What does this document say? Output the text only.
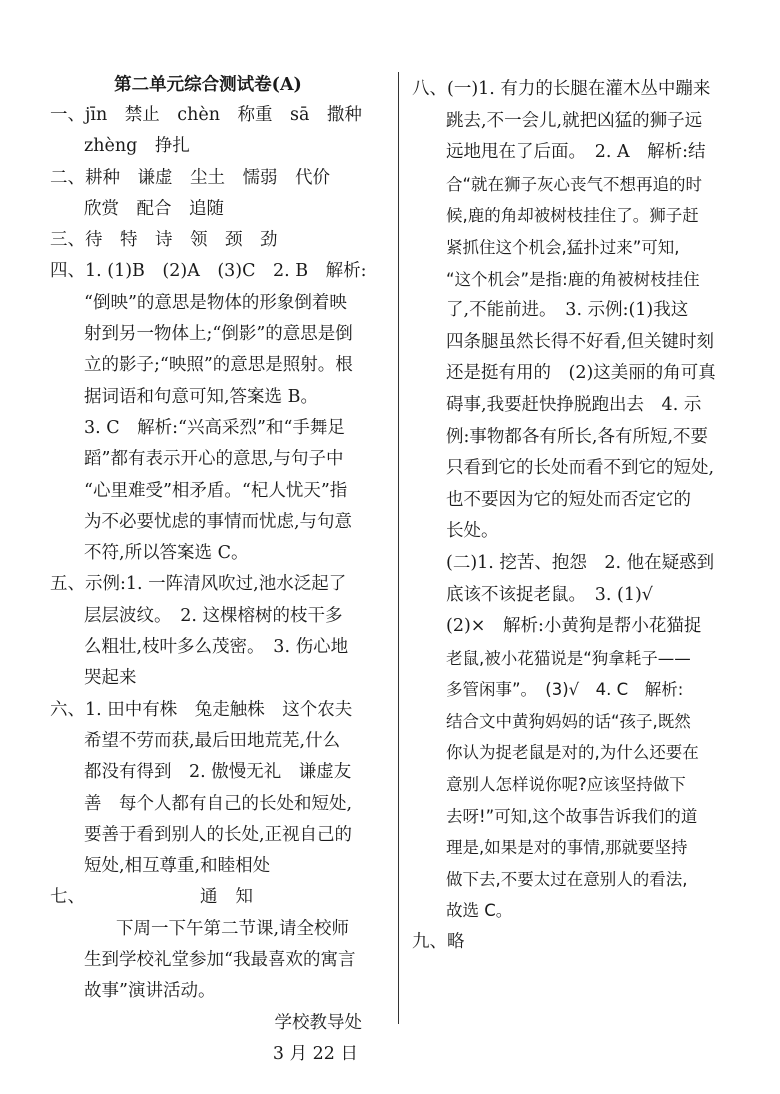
第二单元综合测试卷(A)
一、jīn　禁止　chèn　称重　sā　撒种
zhèng　挣扎
二、耕种　谦虚　尘土　懦弱　代价
欣赏　配合　追随
三、待　特　诗　领　颈　劲
四、1. (1)B　(2)A　(3)C　2. B　解析:
“倒映”的意思是物体的形象倒着映
射到另一物体上;“倒影”的意思是倒
立的影子;“映照”的意思是照射。根
据词语和句意可知,答案选 B。
3. C　解析:“兴高采烈”和“手舞足
蹈”都有表示开心的意思,与句子中
“心里难受”相矛盾。“杞人忧天”指
为不必要忧虑的事情而忧虑,与句意
不符,所以答案选 C。
五、示例:1. 一阵清风吹过,池水泛起了
层层波纹。　2. 这棵榕树的枝干多
么粗壮,枝叶多么茂密。　3. 伤心地
哭起来
六、1. 田中有株　兔走触株　这个农夫
希望不劳而获,最后田地荒芜,什么
都没有得到　2. 傲慢无礼　谦虚友
善　每个人都有自己的长处和短处,
要善于看到别人的长处,正视自己的
短处,相互尊重,和睦相处
七、	通知
下周一下午第二节课,请全校师
生到学校礼堂参加“我最喜欢的寓言
故事”演讲活动。
学校教导处
3 月 22 日
八、(一)1. 有力的长腿在灌木丛中蹦来
跳去,不一会儿,就把凶猛的狮子远
远地甩在了后面。　2. A　解析:结
合“就在狮子灰心丧气不想再追的时
候,鹿的角却被树枝挂住了。狮子赶
紧抓住这个机会,猛扑过来”可知,
“这个机会”是指:鹿的角被树枝挂住
了,不能前进。　3. 示例:(1)我这
四条腿虽然长得不好看,但关键时刻
还是挺有用的　(2)这美丽的角可真
碍事,我要赶快挣脱跑出去　4. 示
例:事物都各有所长,各有所短,不要
只看到它的长处而看不到它的短处,
也不要因为它的短处而否定它的
长处。
(二)1. 挖苦、抱怨　2. 他在疑惑到
底该不该捉老鼠。　3. (1)√
(2)×　解析:小黄狗是帮小花猫捉
老鼠,被小花猫说是“狗拿耗子——
多管闲事”。　(3)√　4. C　解析:
结合文中黄狗妈妈的话“孩子,既然
你认为捉老鼠是对的,为什么还要在
意别人怎样说你呢?应该坚持做下
去呀!”可知,这个故事告诉我们的道
理是,如果是对的事情,那就要坚持
做下去,不要太过在意别人的看法,
故选 C。
九、略
